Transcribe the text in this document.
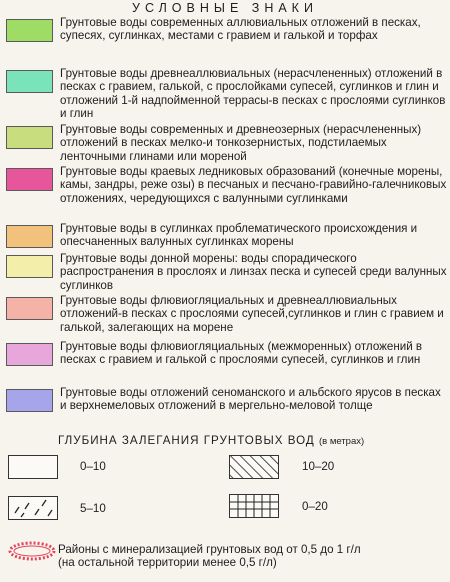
УСЛОВНЫЕ ЗНАКИ
Грунтовые воды современных аллювиальных отложений в песках, супесях, суглинках, местами с гравием и галькой и торфах
Грунтовые воды древнеаллювиальных (нерасчлененных) отложений в песках с гравием, галькой, с прослойками супесей, суглинков и глин и отложений 1-й надпойменной террасы-в песках с прослоями суглинков и глин
Грунтовые воды современных и древнеозерных (нерасчлененных) отложений в песках мелко-и тонкозернистых, подстилаемых ленточными глинами или мореной
Грунтовые воды краевых ледниковых образований (конечные морены, камы, зандры, реже озы) в песчаных и песчано-гравийно-галечниковых отложениях, чередующихся с валунными суглинками
Грунтовые воды в суглинках проблематического происхождения и опесчаненных валунных суглинках морены
Грунтовые воды донной морены: воды спорадического распространения в прослоях и линзах песка и супесей среди валунных суглинков
Грунтовые воды флювиогляциальных и древнеаллювиальных отложений-в песках с прослоями супесей,суглинков и глин с гравием и галькой, залегающих на морене
Грунтовые воды флювиогляциальных (межморенных) отложений в песках с гравием и галькой с прослоями супесей, суглинков и глин
Грунтовые воды отложений сеноманского и альбского ярусов в песках и верхнемеловых отложений в мергельно-меловой толще
ГЛУБИНА ЗАЛЕГАНИЯ ГРУНТОВЫХ ВОД (в метрах)
0–10	10–20
5–10	0–20
Районы с минерализацией грунтовых вод от 0,5 до 1 г/л
(на остальной территории менее 0,5 г/л)
